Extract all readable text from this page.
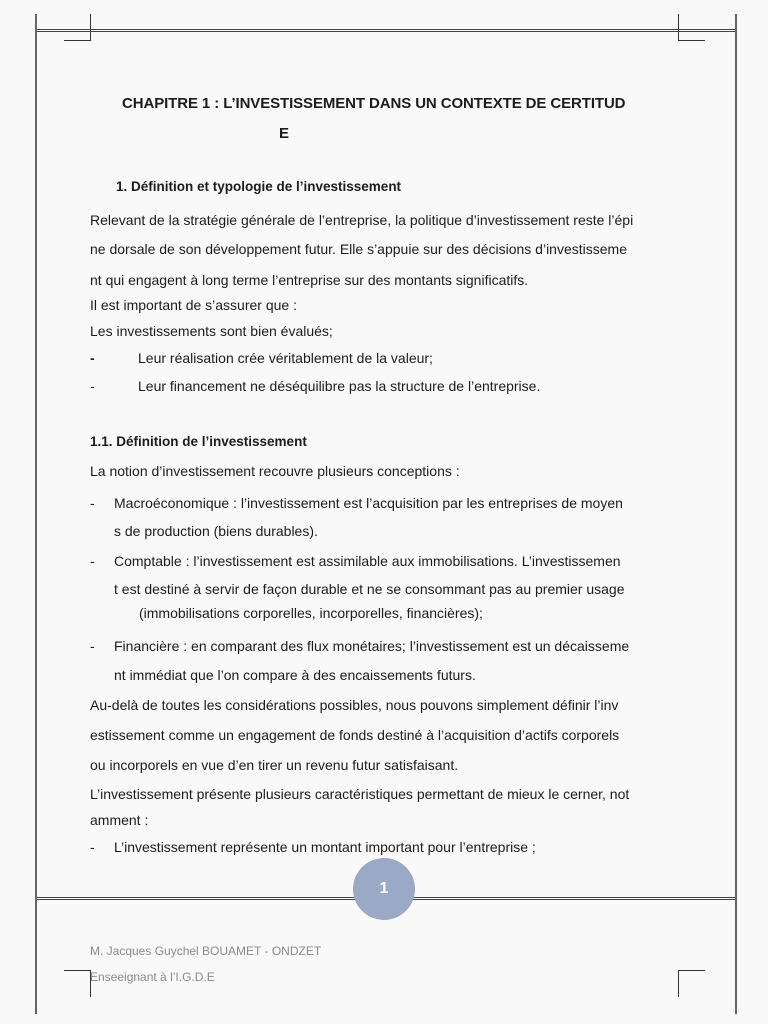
CHAPITRE 1 : L’INVESTISSEMENT DANS UN CONTEXTE DE CERTITUD
E
1. Définition et typologie de l’investissement
Relevant de la stratégie générale de l’entreprise, la politique d’investissement reste l’épi
ne dorsale de son développement futur. Elle s’appuie sur des décisions d’investisseme
nt qui engagent à long terme l’entreprise sur des montants significatifs.
Il est important de s’assurer que :
Les investissements sont bien évalués;
-	Leur réalisation crée véritablement de la valeur;
-	Leur financement ne déséquilibre pas la structure de l’entreprise.
1.1. Définition de l’investissement
La notion d’investissement recouvre plusieurs conceptions :
- Macroéconomique : l’investissement est l’acquisition par les entreprises de moyen
s de production (biens durables).
- Comptable : l’investissement est assimilable aux immobilisations. L’investissemen
t est destiné à servir de façon durable et ne se consommant pas au premier usage
(immobilisations corporelles, incorporelles, financières);
- Financière : en comparant des flux monétaires; l’investissement est un décaisseme
nt immédiat que l’on compare à des encaissements futurs.
Au-delà de toutes les considérations possibles, nous pouvons simplement définir l’inv
estissement comme un engagement de fonds destiné à l’acquisition d’actifs corporels
ou incorporels en vue d’en tirer un revenu futur satisfaisant.
L’investissement présente plusieurs caractéristiques permettant de mieux le cerner, not
amment :
- L’investissement représente un montant important pour l’entreprise ;
1
M. Jacques Guychel BOUAMET - ONDZET
Enseeignant à l’I.G.D.E
